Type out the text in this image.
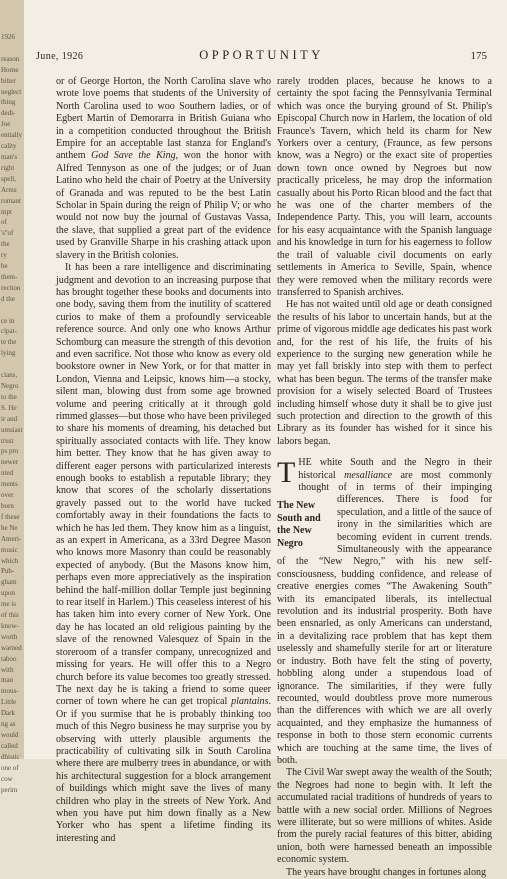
1926

reason
Horne
bitter
neglect
thing
dedi-
Joe
entially
cality
man's
right
spell,
Arms
romant
mpt
of
's''of
the
ry
be
them-
rection
d the

ce in
cipat-
te the
lying

cians,
Negro
to the
S. He
ir and
umsiast
trust
ps pro
newer
nted
ments
over
born
f these
he Ne
Ameri-
music
which
Pub-
gham
upon
me is
of this
know-
worth
warned
taboo
with
man
mous-
Little
Dark
ng as
would
called
dhistic
one of
cow
perim
June, 1926	OPPORTUNITY	175

or of George Horton, the North Carolina slave who wrote love poems that students of the University of North Carolina used to woo Southern ladies, or of Egbert Martin of Demorarra in British Guiana who in a competition conducted throughout the British Empire for an acceptable last stanza for England's anthem God Save the King, won the honor with Alfred Tennyson as one of the judges; or of Juan Latino who held the chair of Poetry at the University of Granada and was reputed to be the best Latin Scholar in Spain during the reign of Philip V; or who would not now buy the journal of Gustavas Vassa, the slave, that supplied a great part of the evidence used by Granville Sharpe in his crashing attack upon slavery in the British colonies.

It has been a rare intelligence and discriminating judgment and devotion to an increasing purpose that has brought together these books and documents into one body, saving them from the inutility of scattered curios to make of them a profoundly serviceable reference source. And only one who knows Arthur Schomburg can measure the strength of this devotion and even sacrifice. Not those who know as every old bookstore owner in New York, or for that matter in London, Vienna and Leipsic, knows him—a stocky, silent man, blowing dust from some age browned volume and peering critically at it through gold rimmed glasses—but those who have been privileged to share his moments of dreaming, his detached but spiritually associated contacts with life. They know him better. They know that he has given away to different eager persons with particularized interests enough books to establish a reputable library; they know that scores of the scholarly dissertations gravely passed out to the world have tucked comfortably away in their foundations the facts to which he has led them. They know him as a linguist, as an expert in Americana, as a 33rd Degree Mason who knows more Masonry than could be reasonably expected of anybody. (But the Masons know him, perhaps even more appreciatively as the inspiration behind the half-million dollar Temple just beginning to rear itself in Harlem.) This ceaseless interest of his has taken him into every corner of New York. One day he has located an old religious painting by the slave of the renowned Valesquez of Spain in the storeroom of a transfer company, unrecognized and missing for years. He will offer this to a Negro church before its value becomes too greatly stressed. The next day he is taking a friend to some queer corner of town where he can get tropical plantains. Or if you surmise that he is probably thinking too much of this Negro business he may surprise you by observing with utterly plausible arguments the practicability of cultivating silk in South Carolina where there are mulberry trees in abundance, or with his architectural suggestion for a block arrangement of buildings which might save the lives of many children who play in the streets of New York. And when you have put him down finally as a New Yorker who has spent a lifetime finding its interesting and

rarely trodden places, because he knows to a certainty the spot facing the Pennsylvania Terminal which was once the burying ground of St. Philip's Episcopal Church now in Harlem, the location of old Fraunce's Tavern, which held its charm for New Yorkers over a century, (Fraunce, as few persons know, was a Negro) or the exact site of properties down town once owned by Negroes but now practically priceless, he may drop the information casually about his Porto Rican blood and the fact that he was one of the charter members of the Independence Party. This, you will learn, accounts for his easy acquaintance with the Spanish language and his knowledge in turn for his eagerness to follow the trail of valuable civil documents on early settlements in America to Seville, Spain, whence they were removed when the military records were transferred to Spanish archives.

He has not waited until old age or death consigned the results of his labor to uncertain hands, but at the prime of vigorous middle age dedicates his past work and, for the rest of his life, the fruits of his experience to the surging new generation while he may yet fall briskly into step with them to perfect what has been begun. The terms of the transfer make provision for a wisely selected Board of Trustees including himself whose duty it shall be to give just such protection and direction to the growth of this Library as its founder has wished for it since his labors began.

THE white South and the Negro in their historical mesalliance are most commonly thought of in terms of their impinging differences.
The New South and the New Negro
There is food for speculation, and a little of the sauce of irony in the similarities which are becoming evident in current trends. Simultaneously with the appearance of the “New Negro,” with his new self-consciousness, budding confidence, and release of creative energies comes “The Awakening South” with its emancipated liberals, its intellectual revolution and its industrial prosperity. Both have been ensnarled, as only Americans can understand, in a devitalizing race problem that has kept them uselessly and shamefully sterile for art or literature or industry. Both have felt the sting of poverty, hobbling along under a stupendous load of ignorance. The similarities, if they were fully recounted, would doubtless prove more numerous than the differences with which we are all overly acquainted, and they emphasize the humanness of response in both to those stern economic currents which are touching at the same time, the lives of both.

The Civil War swept away the wealth of the South; the Negroes had none to begin with. It left the accumulated racial traditions of hundreds of years to battle with a new social order. Millions of Negroes were illiterate, but so were millions of whites. Aside from the purely racial features of this bitter, abiding union, both were harnessed beneath an impossible economic system.

The years have brought changes in fortunes along
